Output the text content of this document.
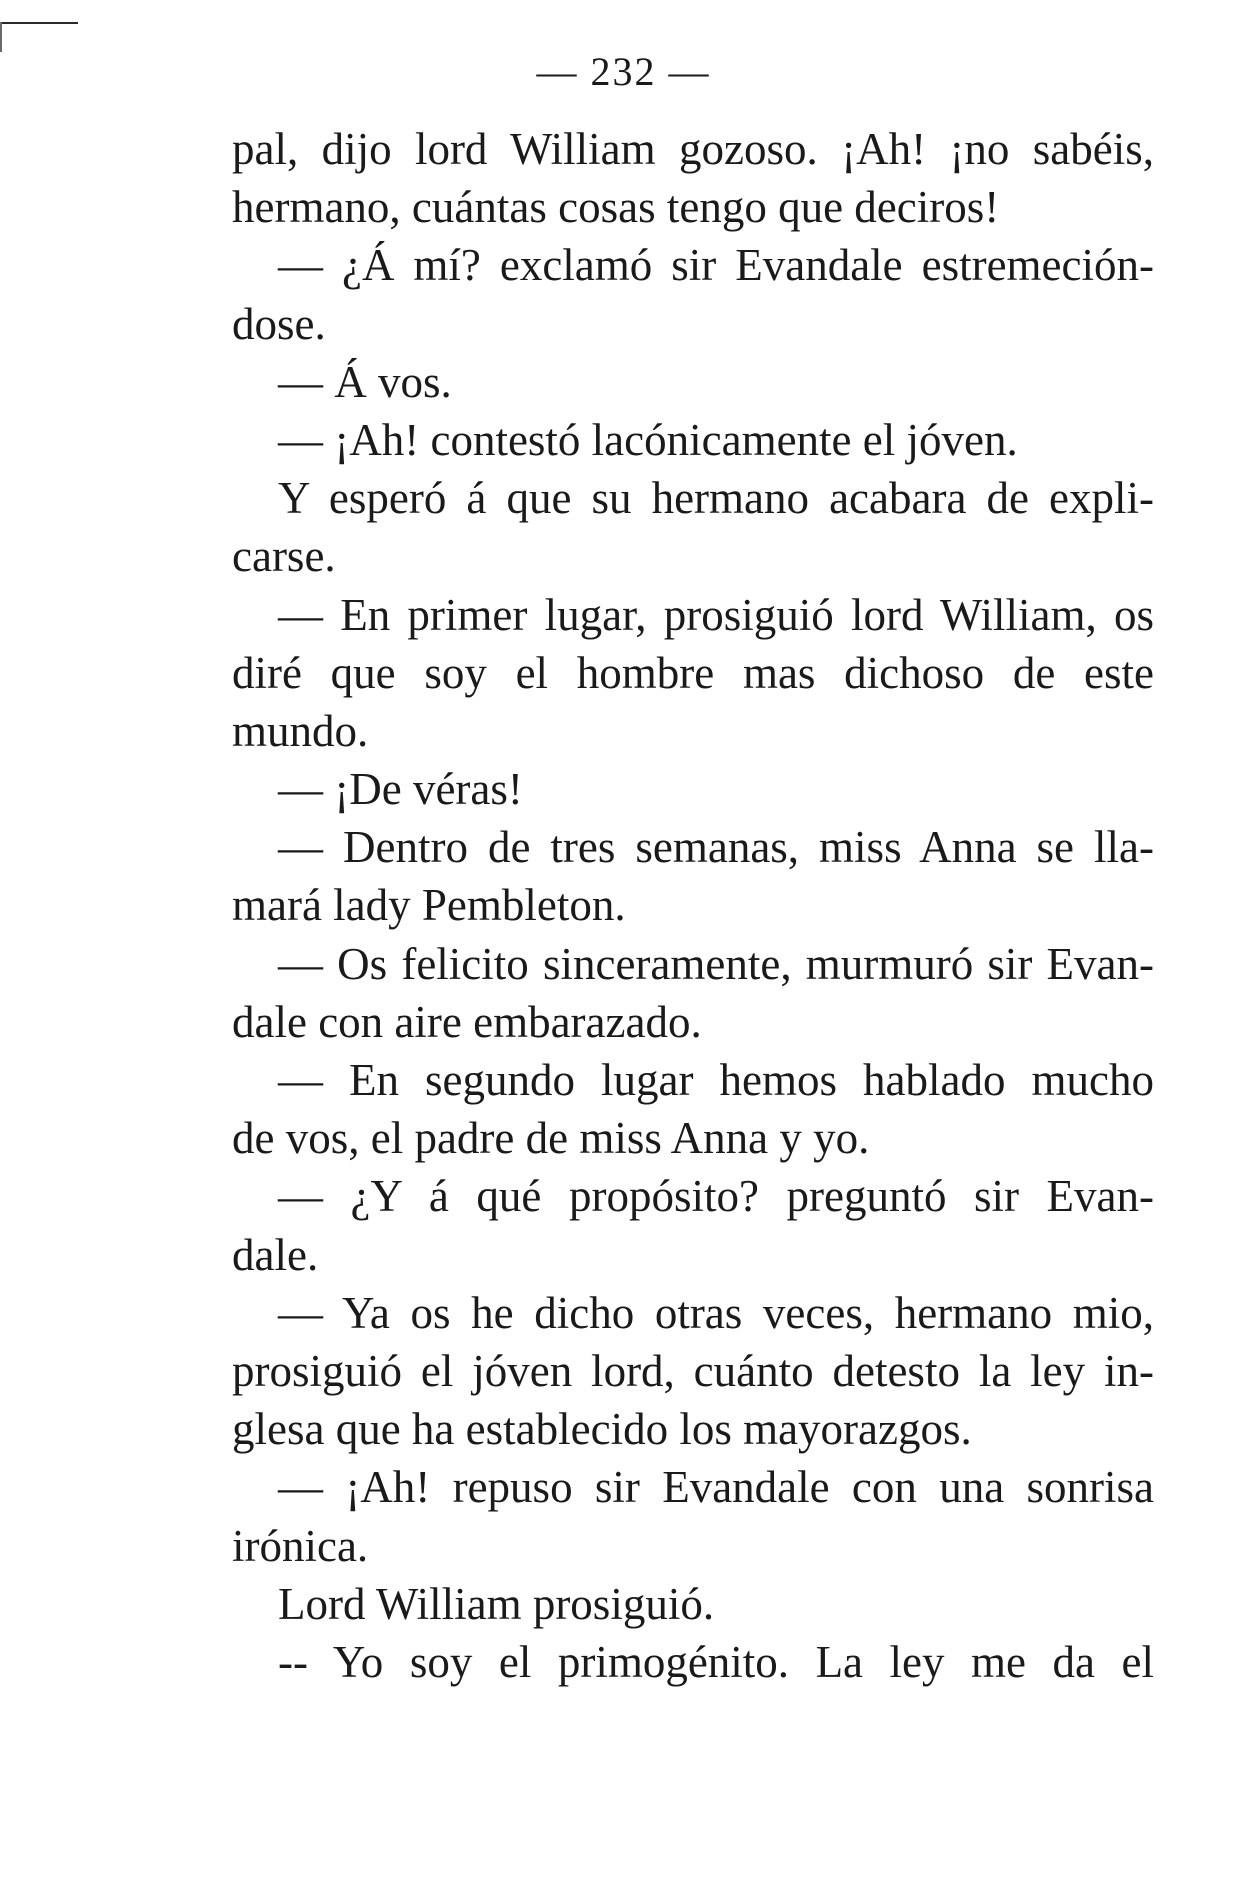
— 232 —
pal, dijo lord William gozoso. ¡Ah! ¡no sabéis,
hermano, cuántas cosas tengo que deciros!
— ¿Á mí? exclamó sir Evandale estremeción-
dose.
— Á vos.
— ¡Ah! contestó lacónicamente el jóven.
Y esperó á que su hermano acabara de expli-
carse.
— En primer lugar, prosiguió lord William, os
diré que soy el hombre mas dichoso de este
mundo.
— ¡De véras!
— Dentro de tres semanas, miss Anna se lla-
mará lady Pembleton.
— Os felicito sinceramente, murmuró sir Evan-
dale con aire embarazado.
— En segundo lugar hemos hablado mucho
de vos, el padre de miss Anna y yo.
— ¿Y á qué propósito? preguntó sir Evan-
dale.
— Ya os he dicho otras veces, hermano mio,
prosiguió el jóven lord, cuánto detesto la ley in-
glesa que ha establecido los mayorazgos.
— ¡Ah! repuso sir Evandale con una sonrisa
irónica.
Lord William prosiguió.
-- Yo soy el primogénito. La ley me da el
